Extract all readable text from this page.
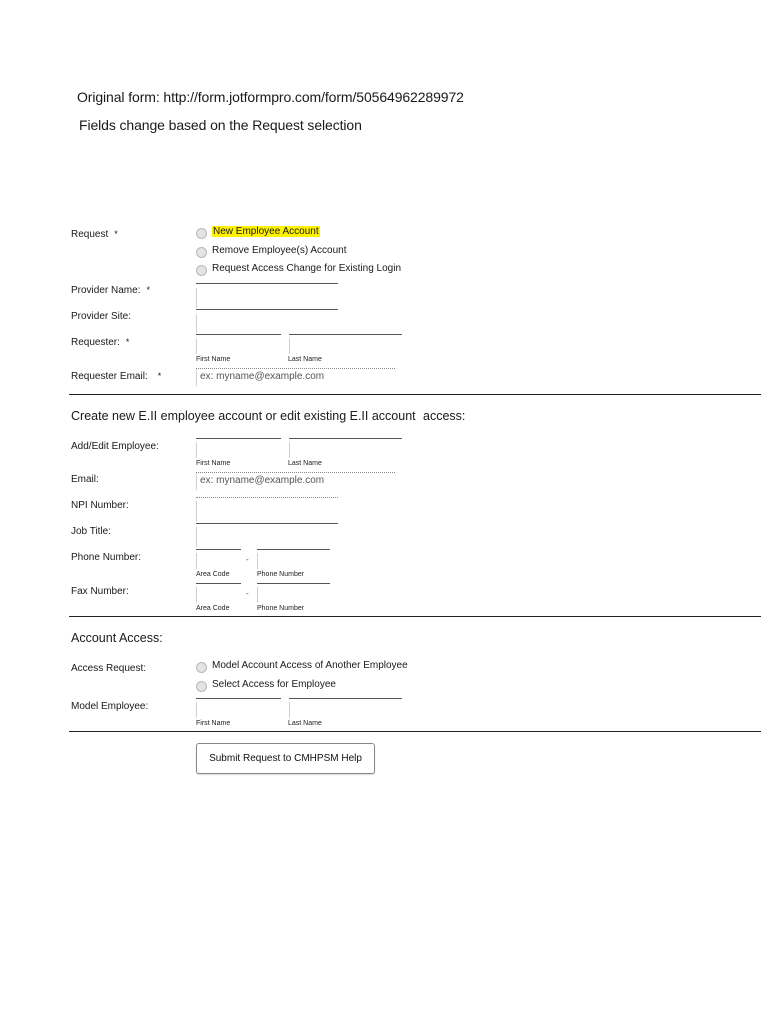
Original form: http://form.jotformpro.com/form/50564962289972
Fields change based on the Request selection
Request *	New Employee Account
Remove Employee(s) Account
Request Access Change for Existing Login
Provider Name: *
Provider Site:
Requester: *
First Name	Last Name
Requester Email: *	ex: myname@example.com
Create new E.II employee account or edit existing E.II account access:
Add/Edit Employee:
First Name	Last Name
Email:	ex: myname@example.com
NPI Number:
Job Title:
Phone Number:	-
Area Code	Phone Number
Fax Number:	-
Area Code	Phone Number
Account Access:
Access Request:	Model Account Access of Another Employee
Select Access for Employee
Model Employee:
First Name	Last Name
Submit Request to CMHPSM Help
